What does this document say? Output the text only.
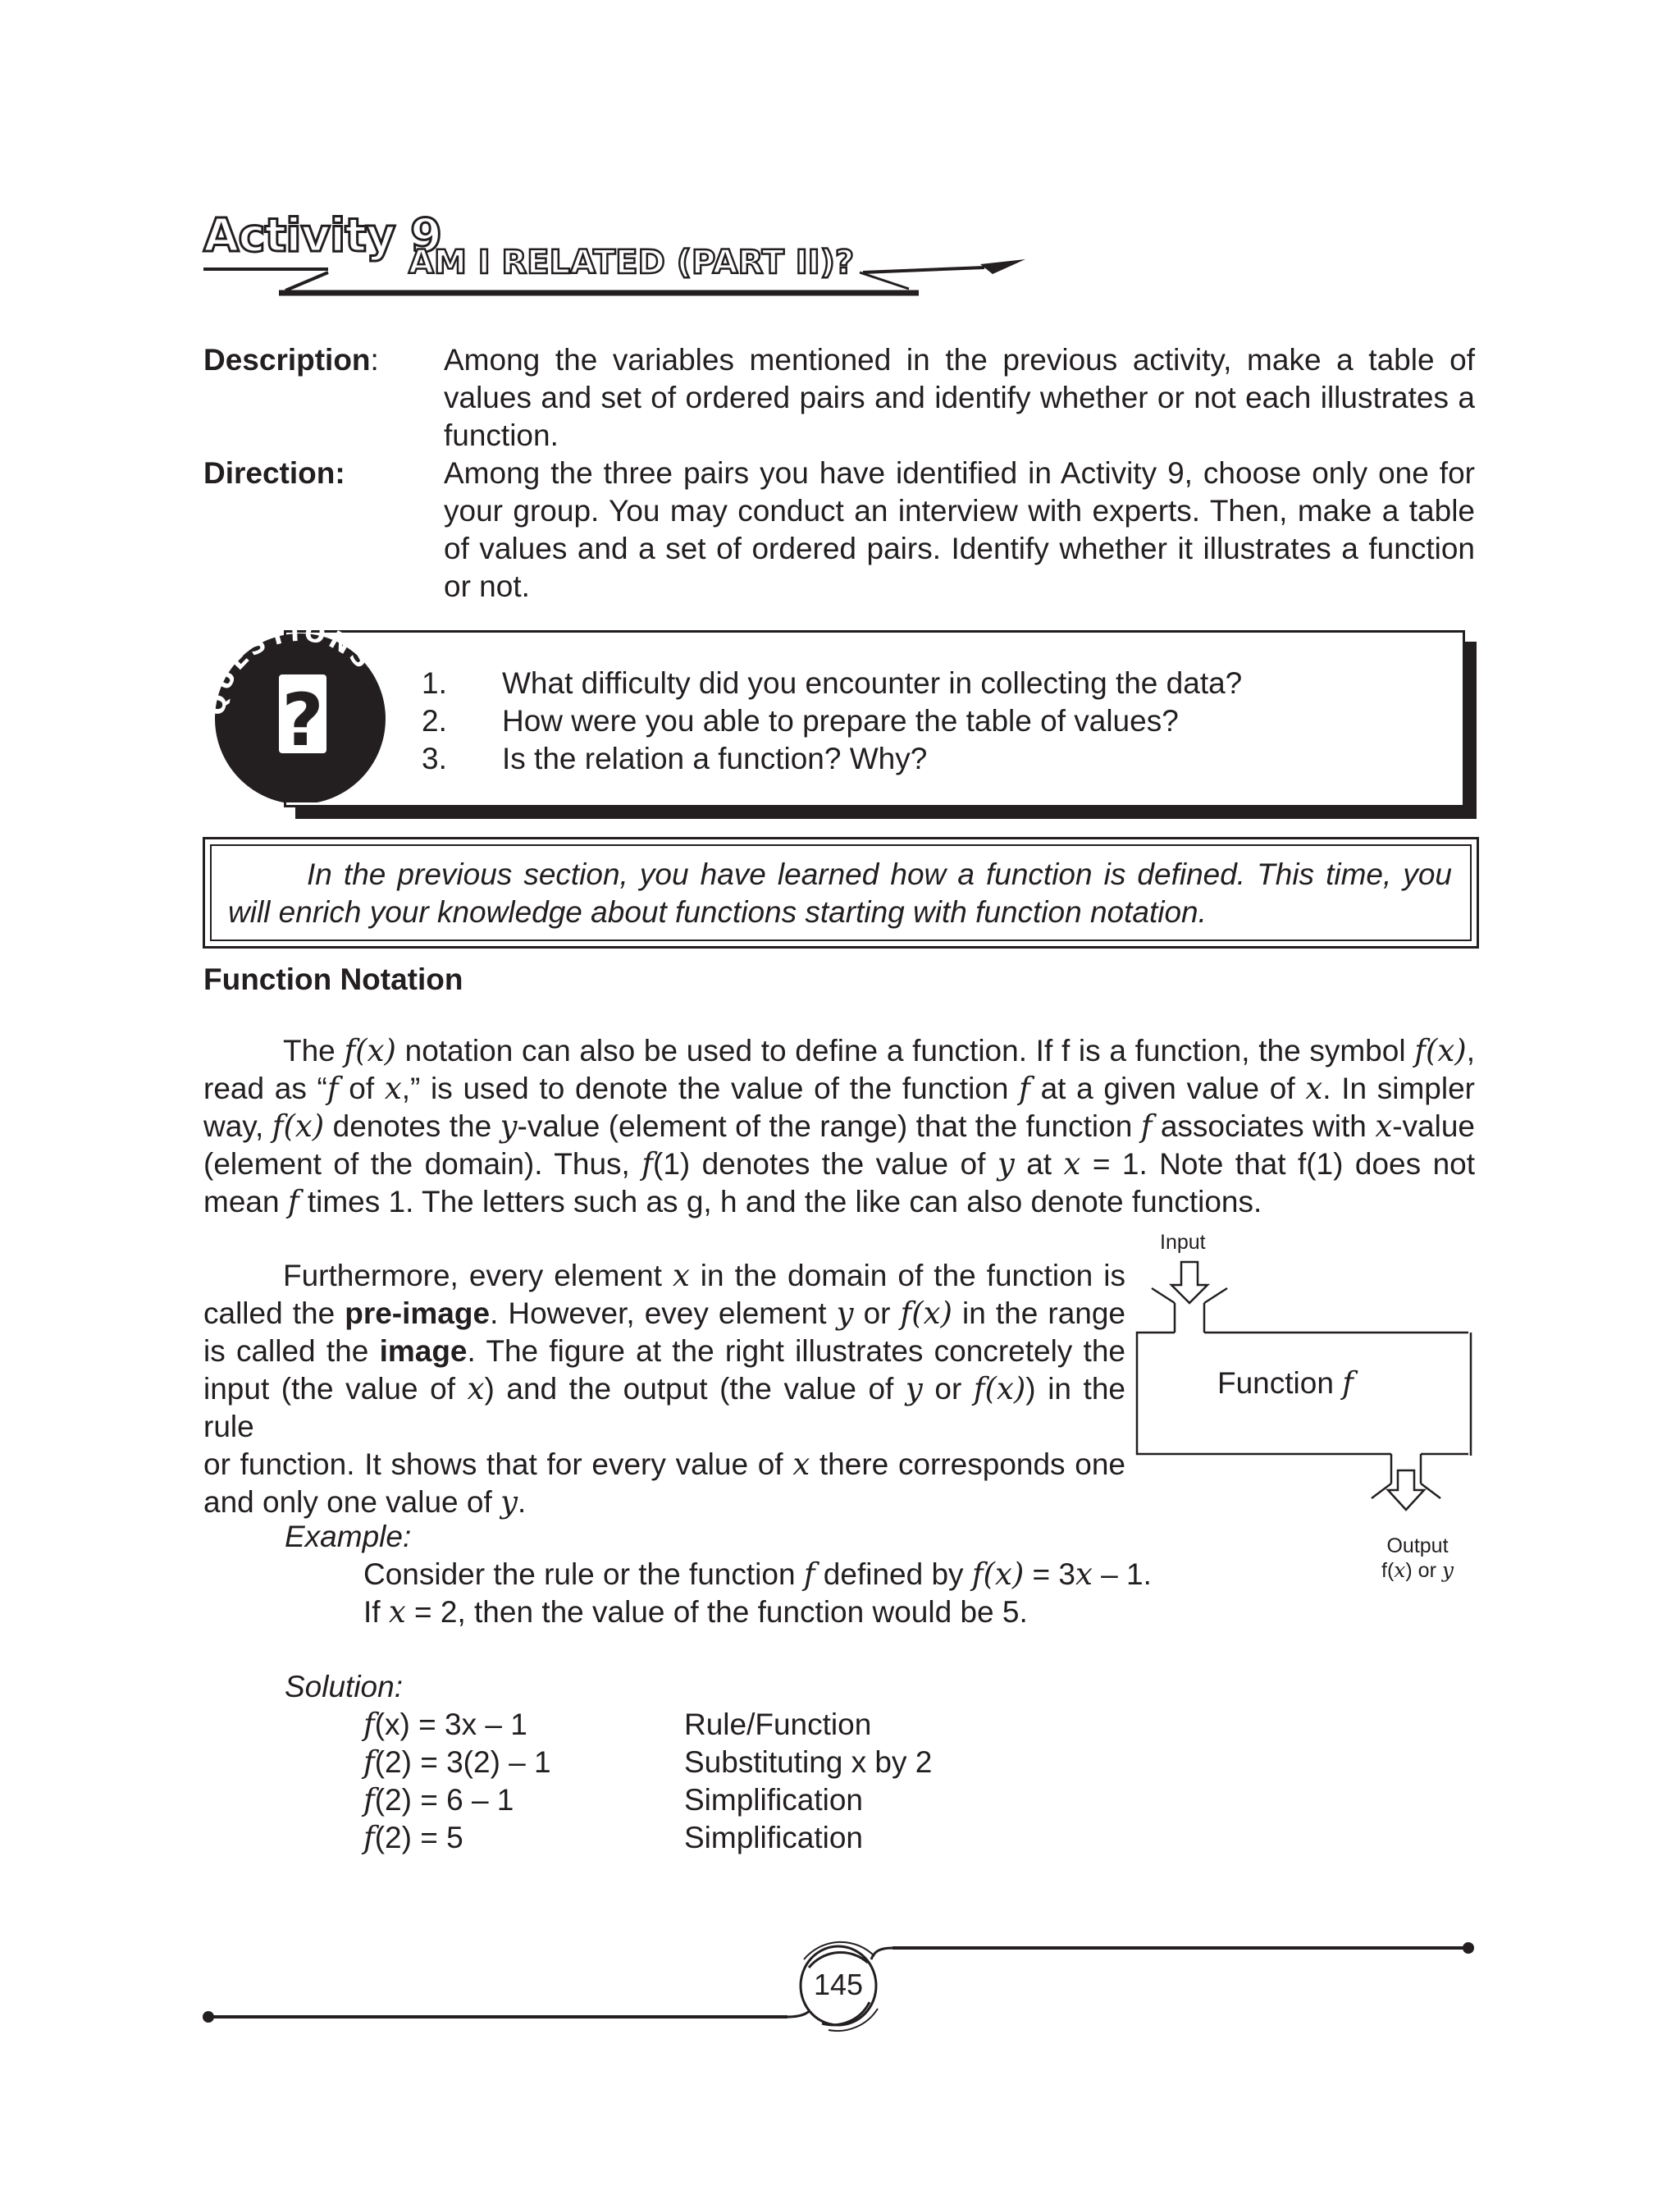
Activity 9
AM I RELATED (PART II)?
Description: Among the variables mentioned in the previous activity, make a table of
values and set of ordered pairs and identify whether or not each illustrates a
function.
Direction:	Among the three pairs you have identified in Activity 9, choose only one for
your group. You may conduct an interview with experts. Then, make a table
of values and a set of ordered pairs. Identify whether it illustrates a function
or not.
QUESTIONS
?	1. What difficulty did you encounter in collecting the data?
2. How were you able to prepare the table of values?
3. Is the relation a function? Why?
In the previous section, you have learned how a function is defined. This time, you
will enrich your knowledge about functions starting with function notation.
Function Notation
The f(x) notation can also be used to define a function. If f is a function, the symbol f(x),
read as “f of x,” is used to denote the value of the function f at a given value of x. In simpler
way, f(x) denotes the y-value (element of the range) that the function f associates with x-value
(element of the domain). Thus, f(1) denotes the value of y at x = 1. Note that f(1) does not
mean f times 1. The letters such as g, h and the like can also denote functions.
Furthermore, every element x in the domain of the function is
called the pre-image. However, evey element y or f(x) in the range
is called the image. The figure at the right illustrates concretely the
input (the value of x) and the output (the value of y or f(x)) in the rule
or function. It shows that for every value of x there corresponds one
and only one value of y.
Input
Function f
Output
f(x) or y
Example:
Consider the rule or the function f defined by f(x) = 3x – 1.
If x = 2, then the value of the function would be 5.
Solution:
f(x) = 3x – 1	Rule/Function
f(2) = 3(2) – 1	Substituting x by 2
f(2) = 6 – 1	Simplification
f(2) = 5	Simplification
145
